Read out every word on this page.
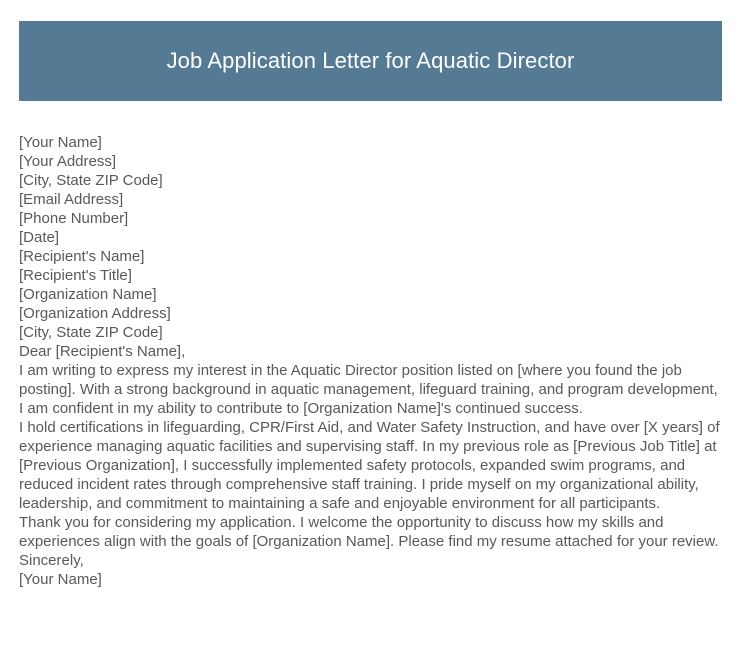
Job Application Letter for Aquatic Director
[Your Name]
[Your Address]
[City, State ZIP Code]
[Email Address]
[Phone Number]
[Date]
[Recipient's Name]
[Recipient's Title]
[Organization Name]
[Organization Address]
[City, State ZIP Code]
Dear [Recipient's Name],
I am writing to express my interest in the Aquatic Director position listed on [where you found the job posting]. With a strong background in aquatic management, lifeguard training, and program development, I am confident in my ability to contribute to [Organization Name]'s continued success.
I hold certifications in lifeguarding, CPR/First Aid, and Water Safety Instruction, and have over [X years] of experience managing aquatic facilities and supervising staff. In my previous role as [Previous Job Title] at [Previous Organization], I successfully implemented safety protocols, expanded swim programs, and reduced incident rates through comprehensive staff training. I pride myself on my organizational ability, leadership, and commitment to maintaining a safe and enjoyable environment for all participants.
Thank you for considering my application. I welcome the opportunity to discuss how my skills and experiences align with the goals of [Organization Name]. Please find my resume attached for your review.
Sincerely,
[Your Name]
